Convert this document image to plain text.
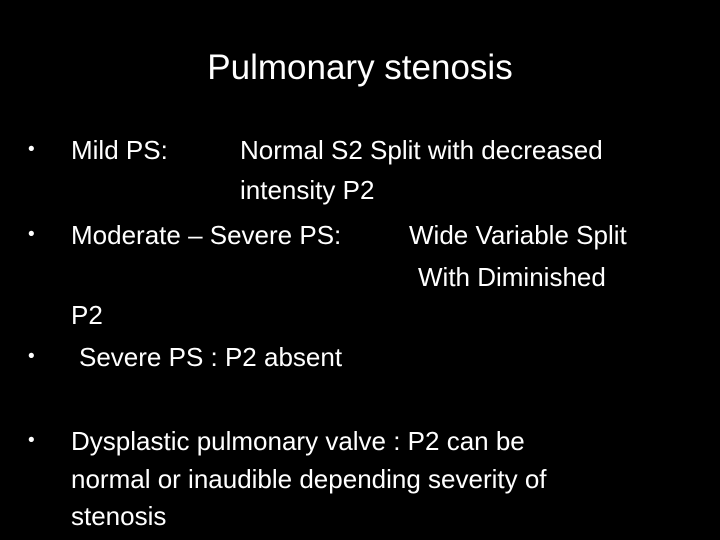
Pulmonary stenosis
• Mild PS:	Normal S2 Split with decreased
intensity P2
• Moderate – Severe PS:	Wide Variable Split
With Diminished
P2
• Severe PS : P2 absent
• Dysplastic pulmonary valve : P2 can be
normal or inaudible depending severity of
stenosis
